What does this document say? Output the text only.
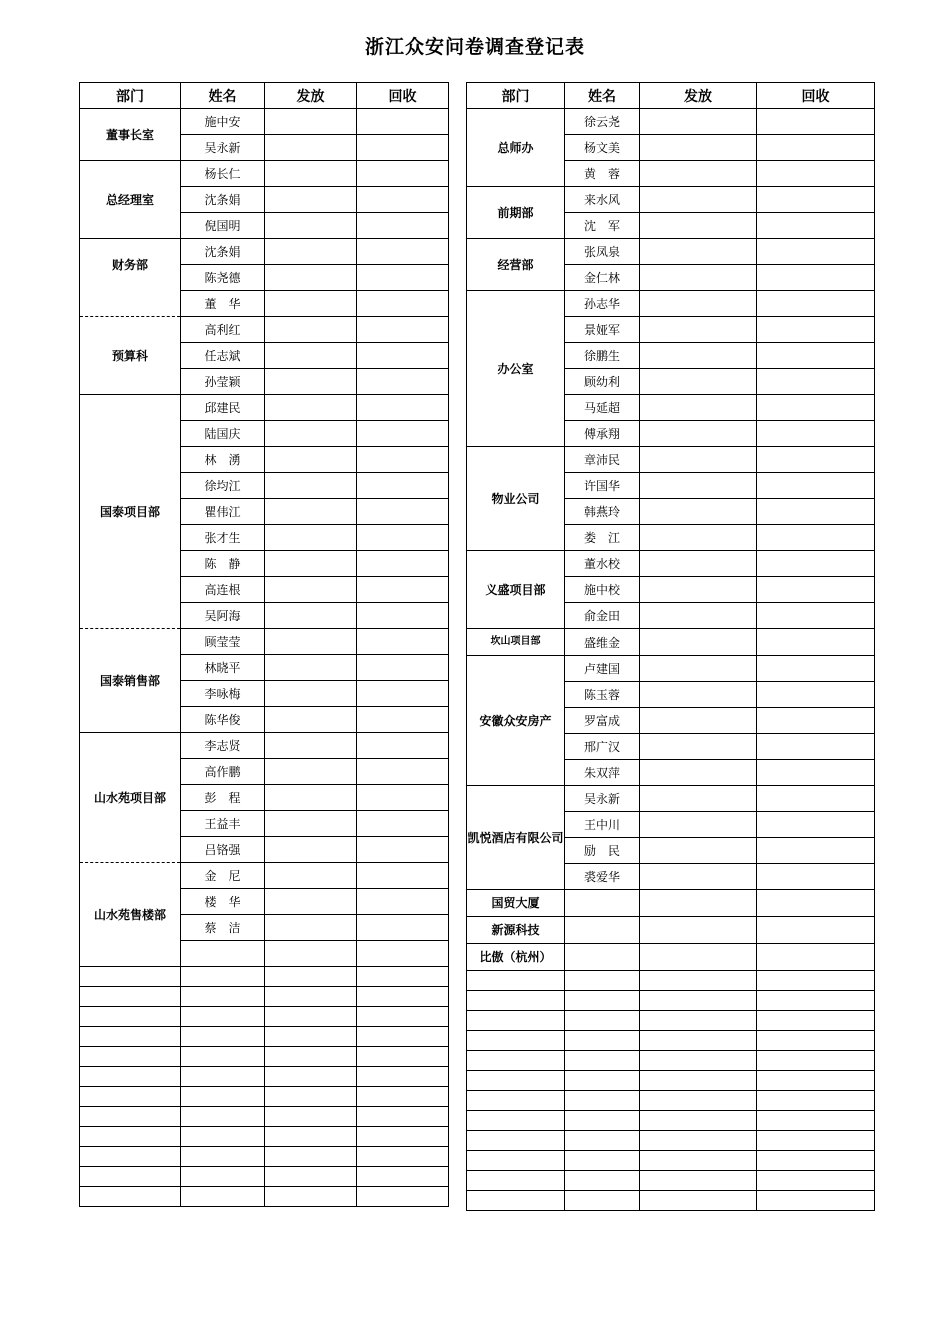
浙江众安问卷调查登记表
部门	姓名	发放	回收
董事长室	施中安		
	吴永新		
总经理室	杨长仁		
	沈条娟		
	倪国明		
财务部	沈条娟		
	陈尧德		
	董　华		
预算科	高利红		
	任志斌		
	孙莹颖		
国泰项目部	邱建民		
	陆国庆		
	林　湧		
	徐均江		
	瞿伟江		
	张才生		
	陈　静		
	高连根		
	吴阿海		
国泰销售部	顾莹莹		
	林晓平		
	李咏梅		
	陈华俊		
山水苑项目部	李志贤		
	高作鹏		
	彭　程		
	王益丰		
	吕铬强		
山水苑售楼部	金　尼		
	楼　华		
	蔡　洁		

部门	姓名	发放	回收
总师办	徐云尧		
	杨文美		
	黄　蓉		
前期部	来水风		
	沈　军		
经营部	张凤泉		
	金仁林		
办公室	孙志华		
	景娅军		
	徐鹏生		
	顾幼利		
	马延超		
	傅承翔		
物业公司	章沛民		
	许国华		
	韩燕玲		
	娄　江		
义盛项目部	董水校		
	施中校		
	俞金田		
坎山项目部	盛维金		
安徽众安房产	卢建国		
	陈玉蓉		
	罗富成		
	邢广汉		
	朱双萍		
凯悦酒店有限公司	吴永新		
	王中川		
	励　民		
	裘爱华		
国贸大厦			
新源科技			
比傲（杭州）			
